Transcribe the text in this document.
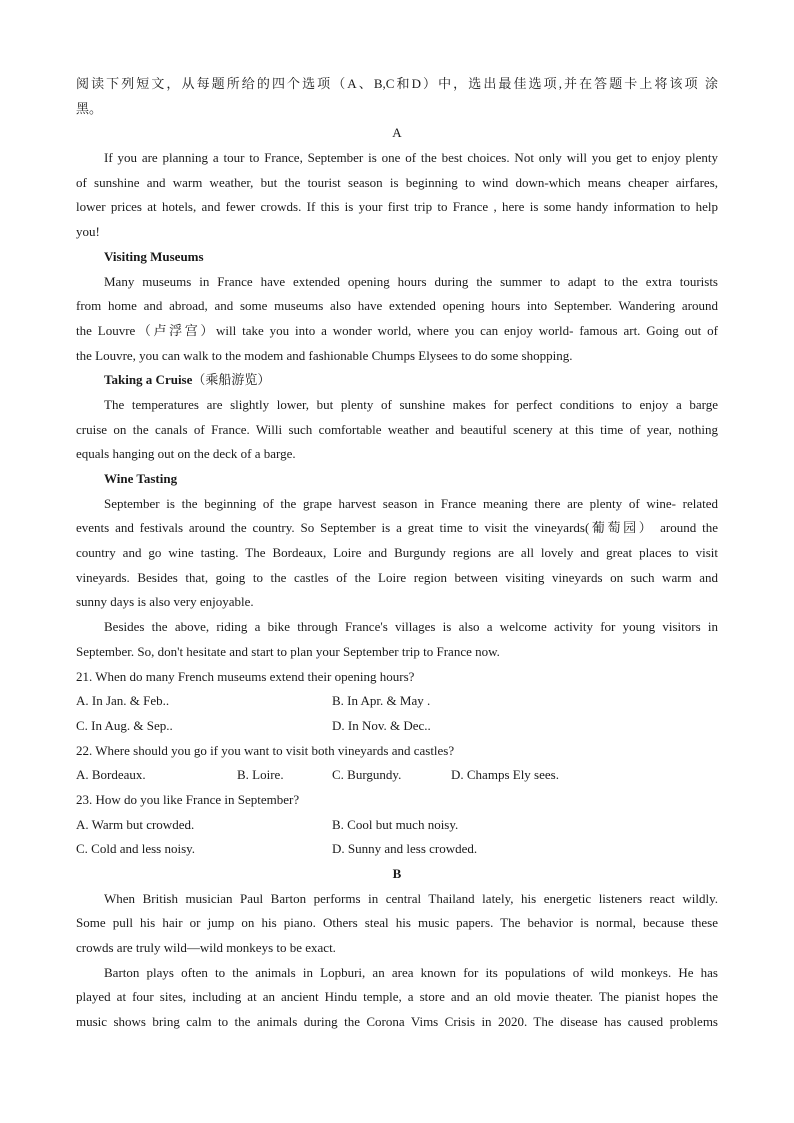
阅读下列短文，从每题所给的四个选项（A、B,C和D）中，选出最佳选项,并在答题卡上将该项 涂
黑。
A
If you are planning a tour to France, September is one of the best choices. Not only will you get to enjoy plenty
of sunshine and warm weather, but the tourist season is beginning to wind down-which means cheaper airfares,
lower prices at hotels, and fewer crowds. If this is your first trip to France , here is some handy information to help
you!
Visiting Museums
Many museums in France have extended opening hours during the summer to adapt to the extra tourists
from home and abroad, and some museums also have extended opening hours into September. Wandering around
the Louvre（卢浮宫）will take you into a wonder world, where you can enjoy world- famous art. Going out of
the Louvre, you can walk to the modem and fashionable Chumps Elysees to do some shopping.
Taking a Cruise（乘船游览）
The temperatures are slightly lower, but plenty of sunshine makes for perfect conditions to enjoy a barge
cruise on the canals of France. Willi such comfortable weather and beautiful scenery at this time of year, nothing
equals hanging out on the deck of a barge.
Wine Tasting
September is the beginning of the grape harvest season in France meaning there are plenty of wine- related
events and festivals around the country. So September is a great time to visit the vineyards(葡萄园） around the
country and go wine tasting. The Bordeaux, Loire and Burgundy regions are all lovely and great places to visit
vineyards. Besides that, going to the castles of the Loire region between visiting vineyards on such warm and
sunny days is also very enjoyable.
Besides the above, riding a bike through France's villages is also a welcome activity for young visitors in
September. So, don't hesitate and start to plan your September trip to France now.
21. When do many French museums extend their opening hours?
A. In Jan. & Feb..	B. In Apr. & May .
C. In Aug. & Sep..	D. In Nov. & Dec..
22. Where should you go if you want to visit both vineyards and castles?
A. Bordeaux.	B. Loire.	C. Burgundy.	D. Champs Ely sees.
23. How do you like France in September?
A. Warm but crowded.	B. Cool but much noisy.
C. Cold and less noisy.	D. Sunny and less crowded.
B
When British musician Paul Barton performs in central Thailand lately, his energetic listeners react wildly.
Some pull his hair or jump on his piano. Others steal his music papers. The behavior is normal, because these
crowds are truly wild—wild monkeys to be exact.
Barton plays often to the animals in Lopburi, an area known for its populations of wild monkeys. He has
played at four sites, including at an ancient Hindu temple, a store and an old movie theater. The pianist hopes the
music shows bring calm to the animals during the Corona Vims Crisis in 2020. The disease has caused problems
